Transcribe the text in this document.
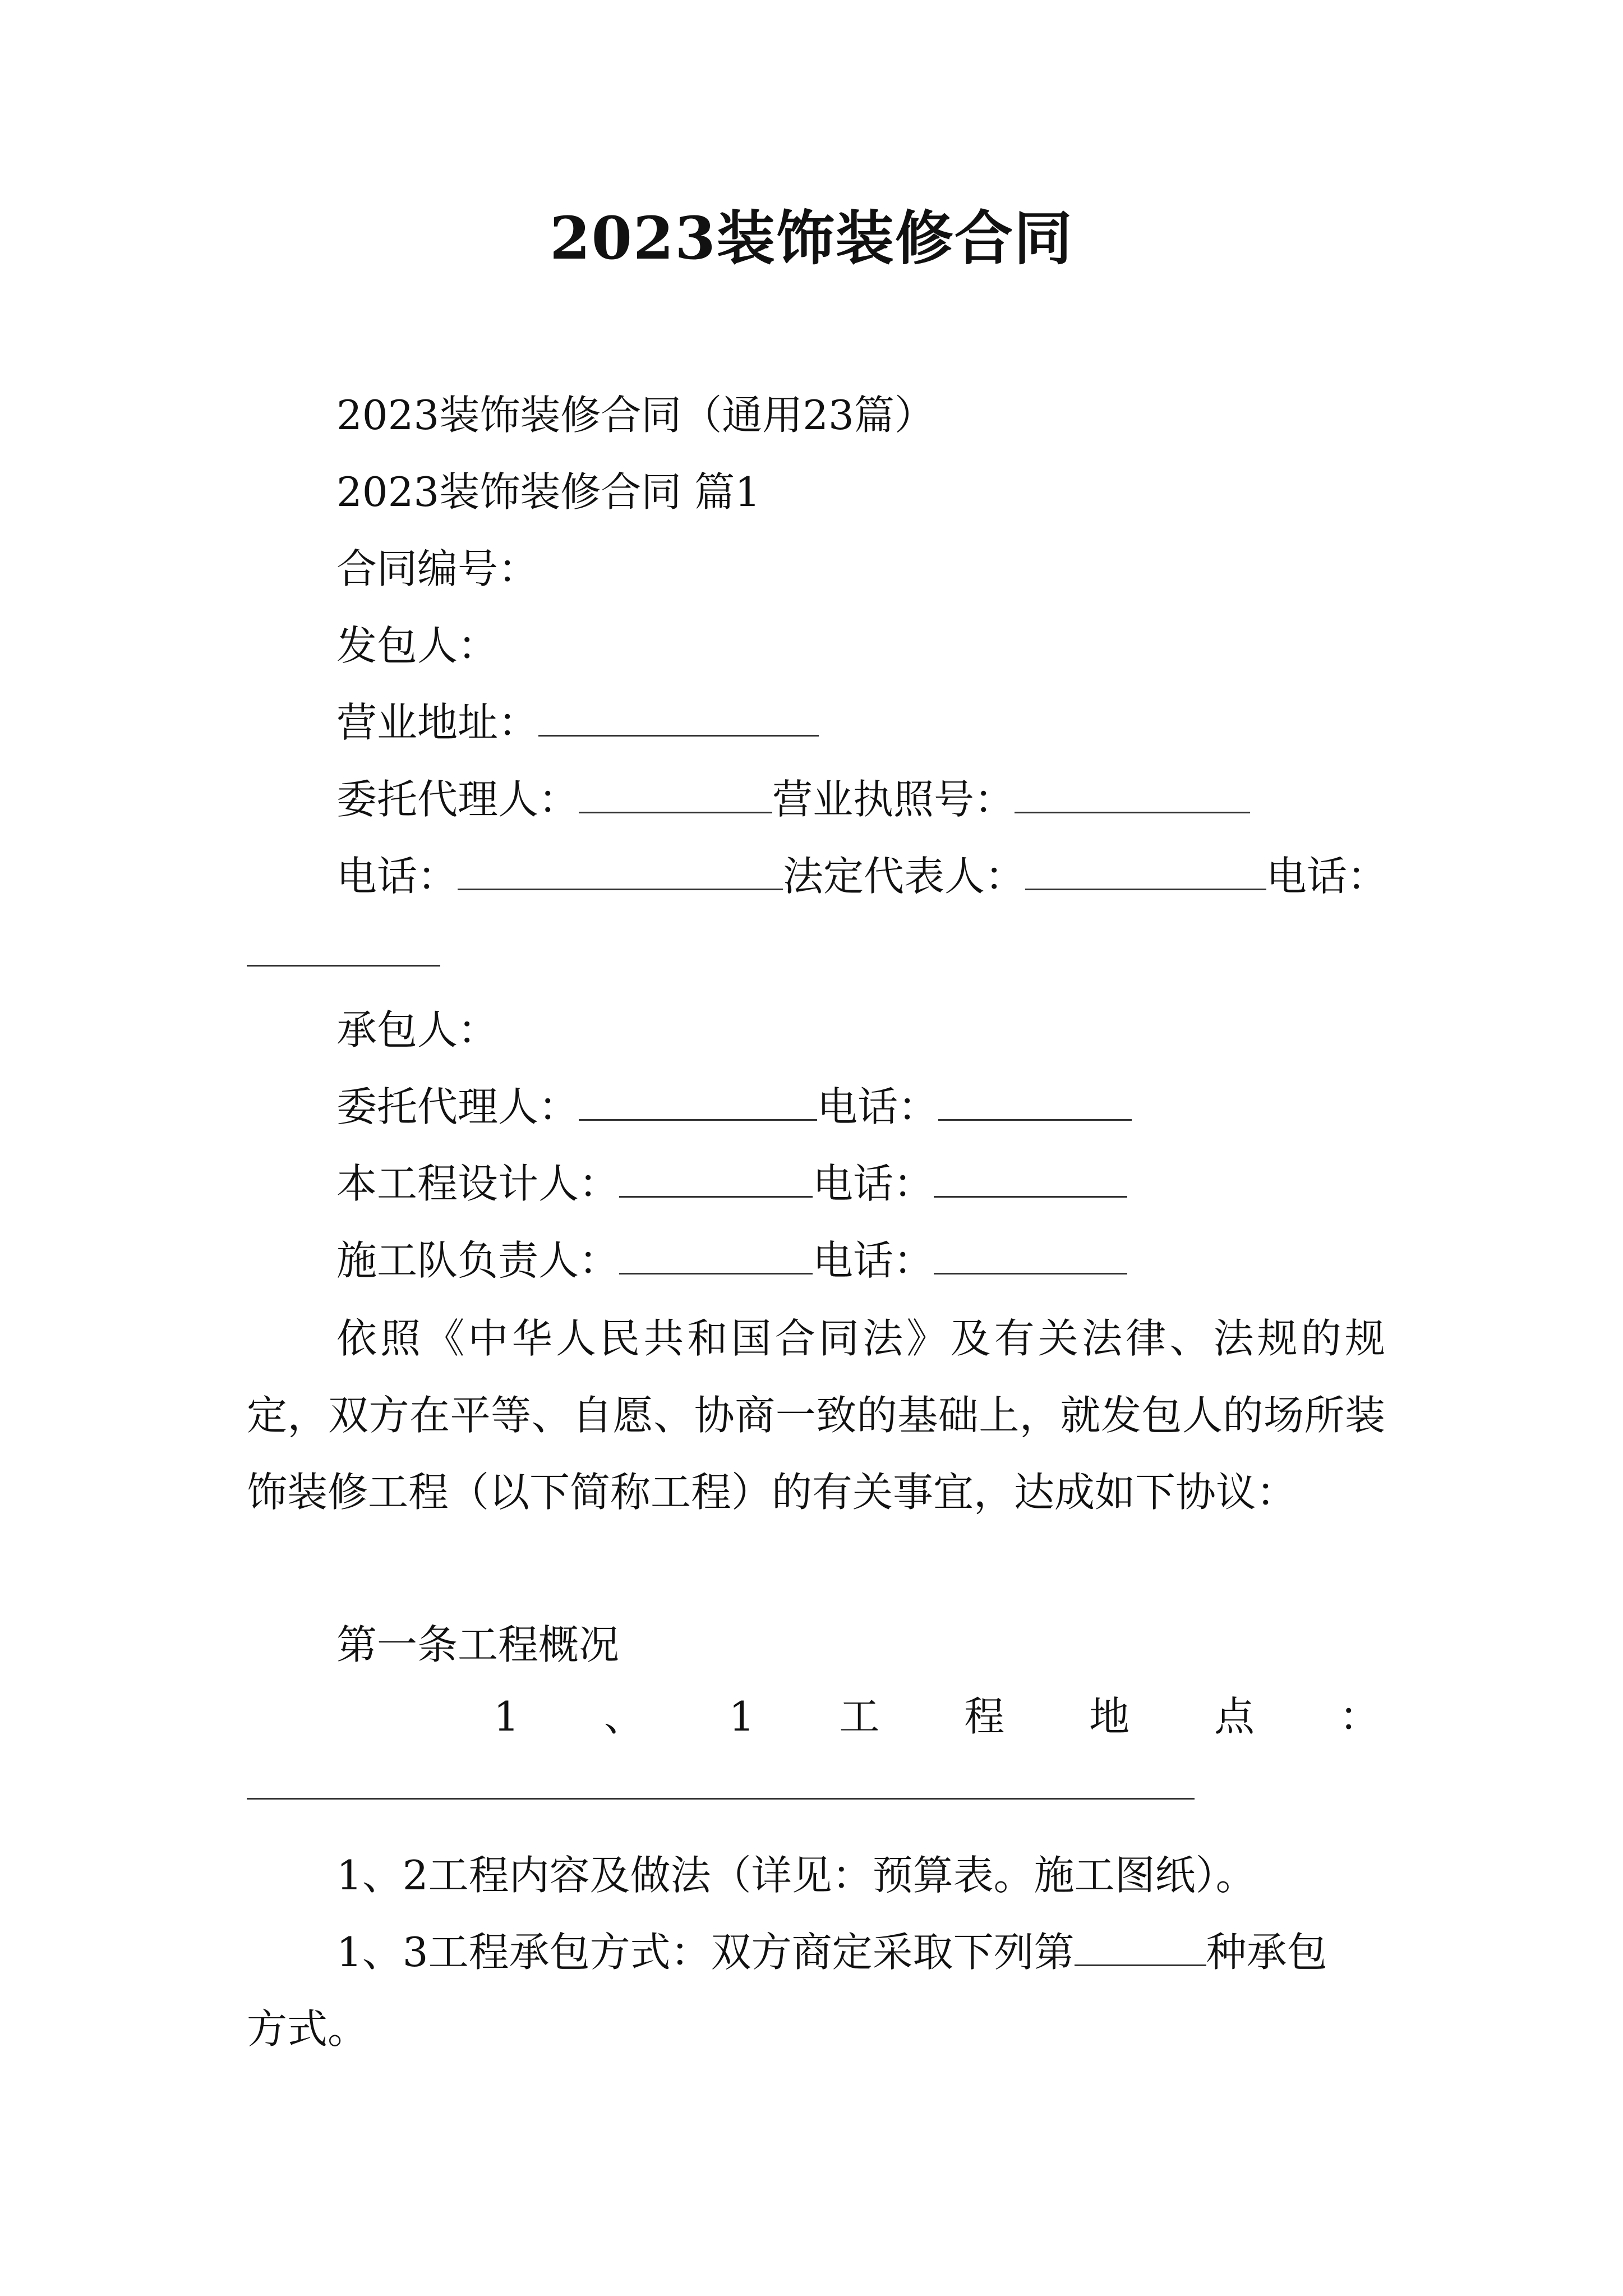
2023装饰装修合同
2023装饰装修合同（通用23篇）
2023装饰装修合同 篇1
合同编号：
发包人：
营业地址：
委托代理人：	营业执照号：
电话：	法定代表人：	电话：
承包人：
委托代理人：	电话：
本工程设计人：	电话：
施工队负责人：	电话：
依照《中华人民共和国合同法》及有关法律、法规的规定，双方在平等、自愿、协商一致的基础上，就发包人的场所装饰装修工程（以下简称工程）的有关事宜，达成如下协议：
第一条工程概况
1 、 1 工 程 地 点 ：
1、2工程内容及做法（详见：预算表。施工图纸）。
1、3工程承包方式：双方商定采取下列第	种承包
方式。
